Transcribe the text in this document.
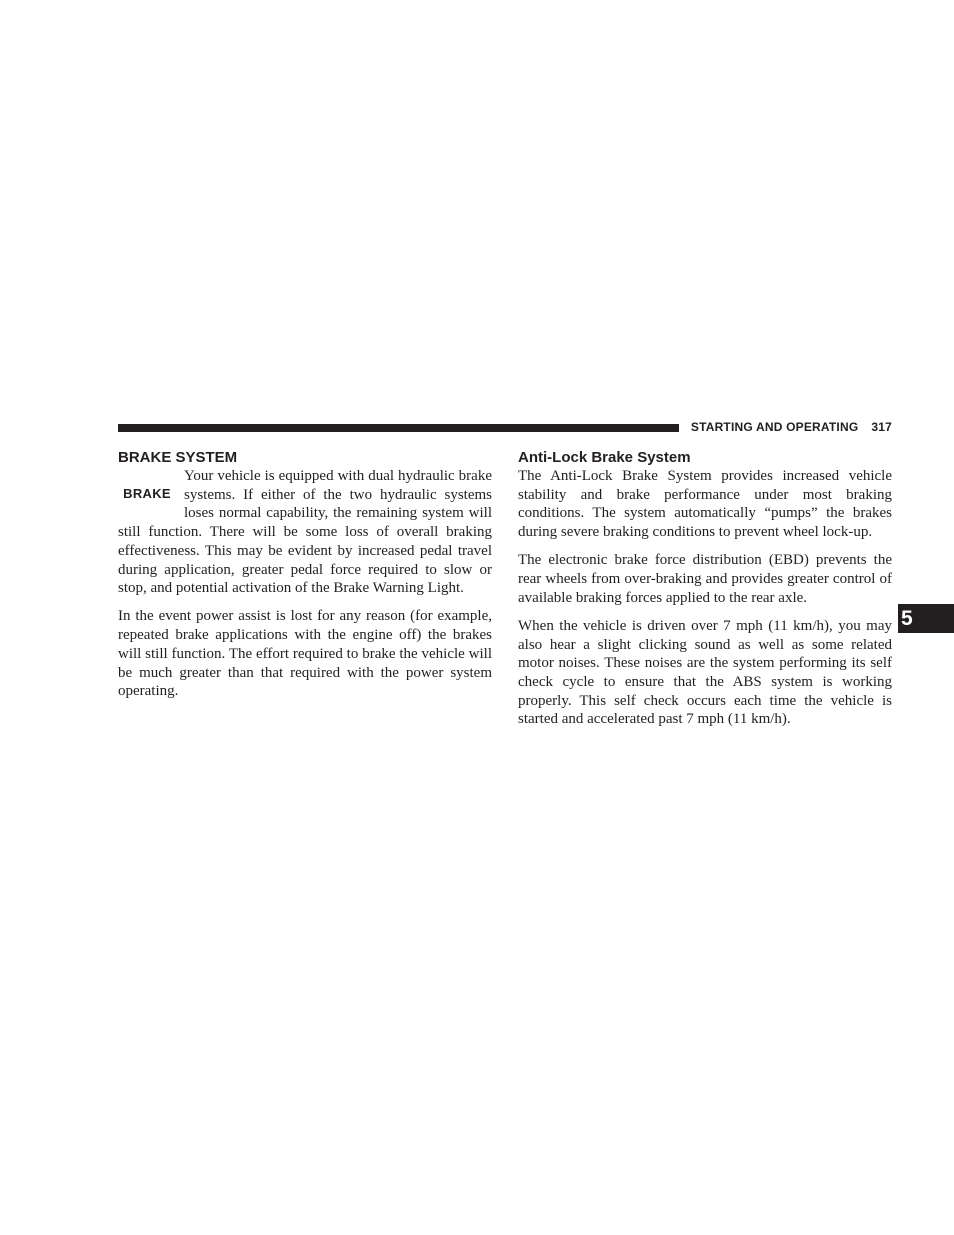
STARTING AND OPERATING 317
BRAKE SYSTEM

BRAKE
Your vehicle is equipped with dual hydraulic brake systems. If either of the two hydraulic systems loses normal capability, the remaining system will still function. There will be some loss of overall braking effectiveness. This may be evident by increased pedal travel during application, greater pedal force required to slow or stop, and potential activation of the Brake Warning Light.

In the event power assist is lost for any reason (for example, repeated brake applications with the engine off) the brakes will still function. The effort required to brake the vehicle will be much greater than that required with the power system operating.

Anti-Lock Brake System

The Anti-Lock Brake System provides increased vehicle stability and brake performance under most braking conditions. The system automatically “pumps” the brakes during severe braking conditions to prevent wheel lock-up.

The electronic brake force distribution (EBD) prevents the rear wheels from over-braking and provides greater control of available braking forces applied to the rear axle.

When the vehicle is driven over 7 mph (11 km/h), you may also hear a slight clicking sound as well as some related motor noises. These noises are the system performing its self check cycle to ensure that the ABS system is working properly. This self check occurs each time the vehicle is started and accelerated past 7 mph (11 km/h).

5
